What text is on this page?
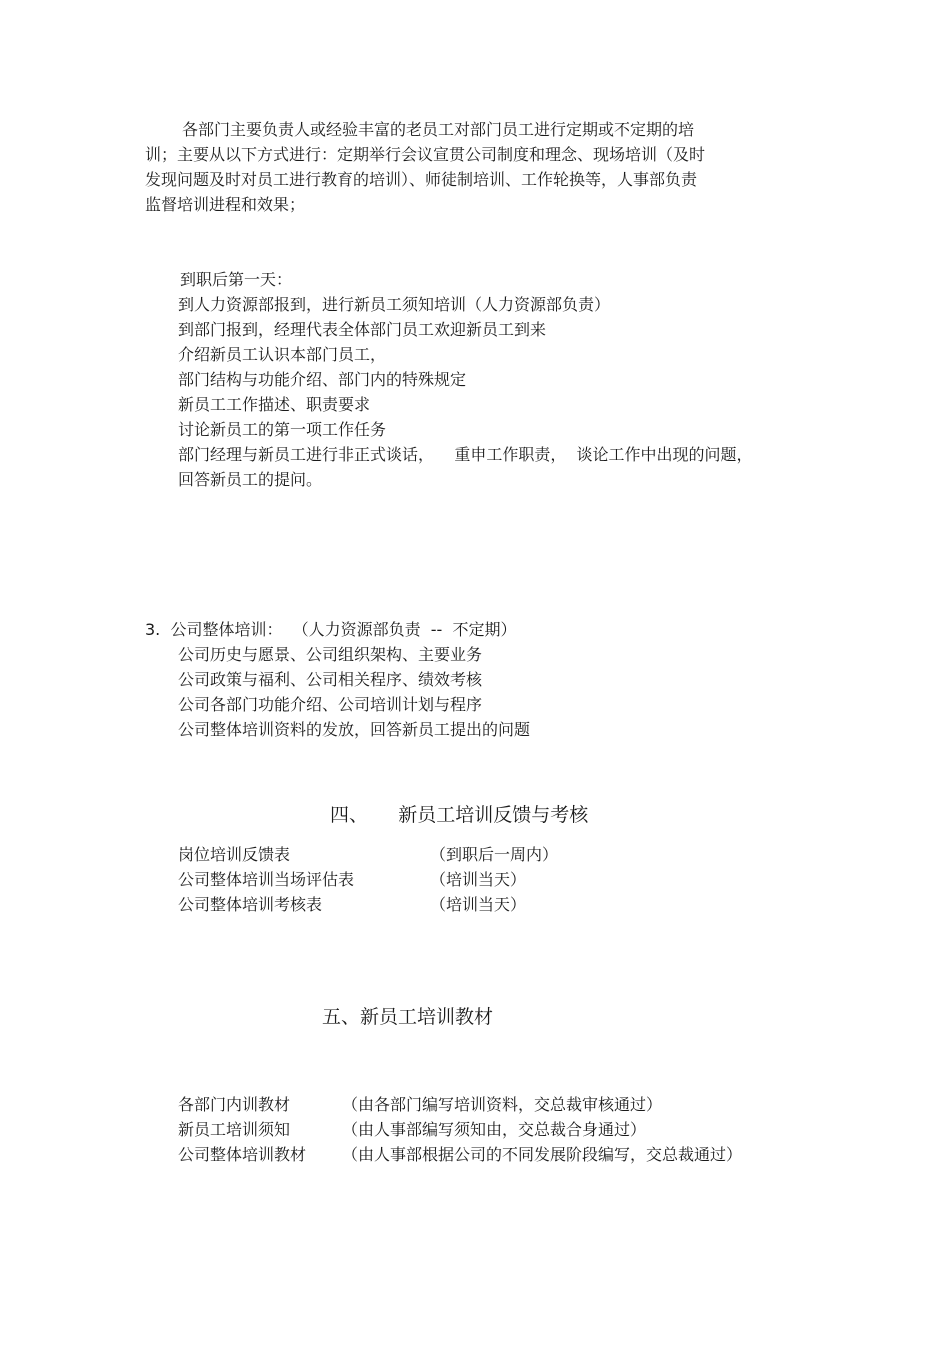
各部门主要负责人或经验丰富的老员工对部门员工进行定期或不定期的培
训；主要从以下方式进行：定期举行会议宣贯公司制度和理念、现场培训（及时
发现问题及时对员工进行教育的培训）、师徒制培训、工作轮换等，人事部负责
监督培训进程和效果；
到职后第一天：
到人力资源部报到，进行新员工须知培训（人力资源部负责）
到部门报到，经理代表全体部门员工欢迎新员工到来
介绍新员工认识本部门员工，
部门结构与功能介绍、部门内的特殊规定
新员工工作描述、职责要求
讨论新员工的第一项工作任务
部门经理与新员工进行非正式谈话，    重申工作职责，  谈论工作中出现的问题，
回答新员工的提问。
3.  公司整体培训：  （人力资源部负责  --  不定期）
公司历史与愿景、公司组织架构、主要业务
公司政策与福利、公司相关程序、绩效考核
公司各部门功能介绍、公司培训计划与程序
公司整体培训资料的发放，回答新员工提出的问题
四、     新员工培训反馈与考核
岗位培训反馈表	（到职后一周内）
公司整体培训当场评估表	（培训当天）
公司整体培训考核表	（培训当天）
五、新员工培训教材
各部门内训教材	（由各部门编写培训资料，交总裁审核通过）
新员工培训须知	（由人事部编写须知由，交总裁合身通过）
公司整体培训教材 （由人事部根据公司的不同发展阶段编写，交总裁通过）
